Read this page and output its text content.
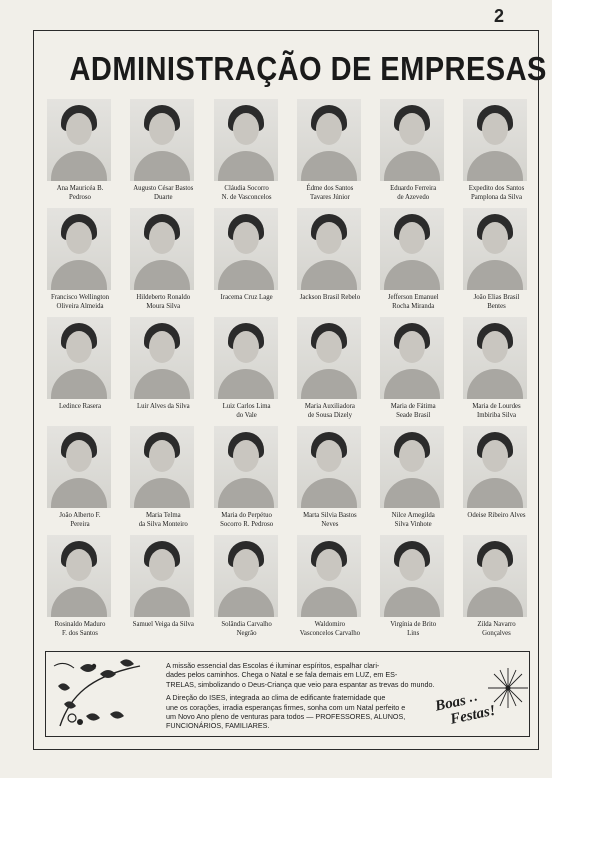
2
ADMINISTRAÇÃO DE EMPRESAS
Ana Mauricéa B.
Pedroso
Augusto César Bastos
Duarte
Cláudia Socorro
N. de Vasconcelos
Édme dos Santos
Tavares Júnior
Eduardo Ferreira
de Azevedo
Expedito dos Santos
Pamplona da Silva
Francisco Wellington
Oliveira Almeida
Hildeberto Ronaldo
Moura Silva
Iracema Cruz Lage	Jackson Brasil Rebelo	Jefferson Emanuel
Rocha Miranda
João Elias Brasil
Bentes
Ledince Rasera	Luir Alves da Silva	Luiz Carlos Lima
do Vale
Maria Auxiliadora
de Sousa Dizely
Maria de Fátima
Seade Brasil
Maria de Lourdes
Imbiriba Silva
João Alberto F.
Pereira
Maria Telma
da Silva Monteiro
Maria do Perpétuo
Socorro R. Pedroso
Marta Silvia Bastos
Neves
Nilce Arnegilda
Silva Vinhote
Odeise Ribeiro Alves
Rosinaldo Maduro
F. dos Santos
Samuel Veiga da Silva	Solândia Carvalho
Negrão
Waldomiro
Vasconcelos Carvalho
Virgínia de Brito
Lins
Zilda Navarro
Gonçalves

A missão essencial das Escolas é iluminar espíritos, espalhar clari-
dades pelos caminhos. Chega o Natal e se fala demais em LUZ, em ES-
TRELAS, simbolizando o Deus-Criança que veio para espantar as trevas do mundo.

A Direção do ISES, integrada ao clima de edificante fraternidade que
une os corações, irradia esperanças firmes, sonha com um Natal perfeito e
um Novo Ano pleno de venturas para todos — PROFESSORES, ALUNOS,
FUNCIONÁRIOS, FAMILIARES.

Boas • •
Festas!
